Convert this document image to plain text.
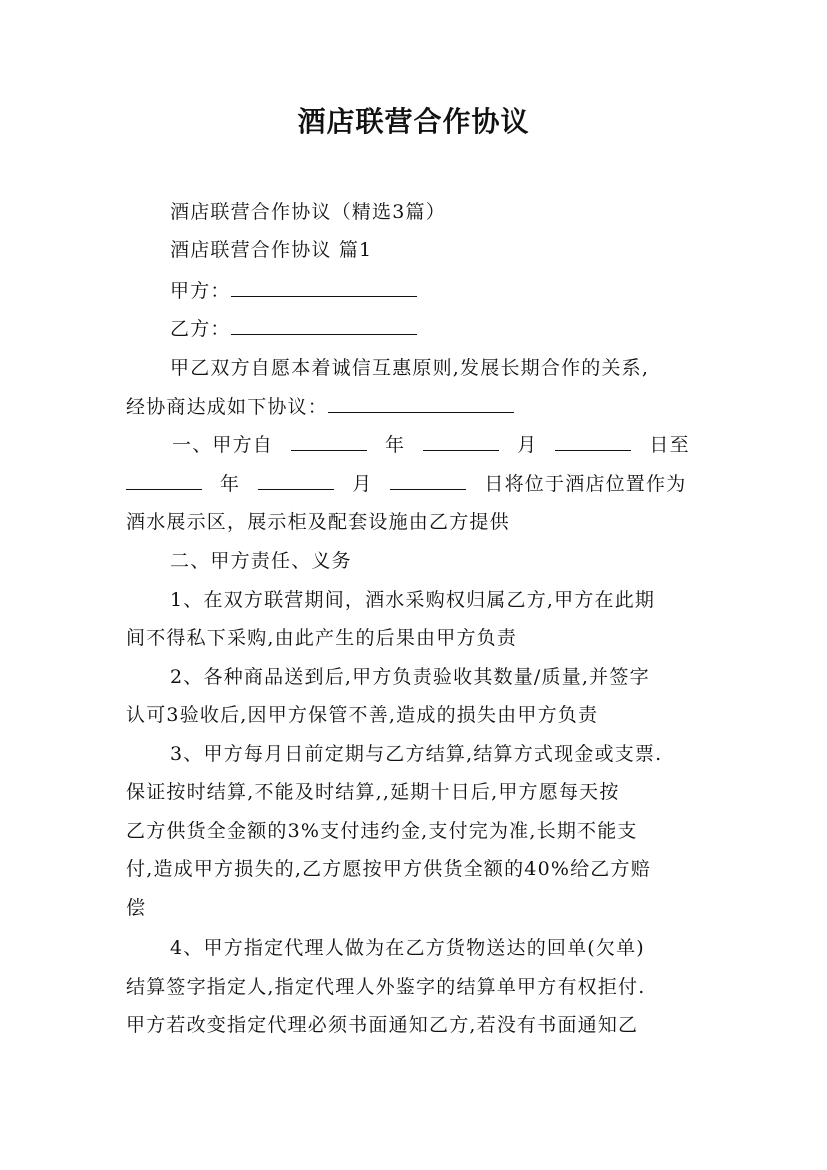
酒店联营合作协议
酒店联营合作协议（精选3篇）
酒店联营合作协议 篇1
甲方：
乙方：
甲乙双方自愿本着诚信互惠原则,发展长期合作的关系,
经协商达成如下协议：
一、甲方自	年	月	日至
年	月	日将位于酒店位置作为
酒水展示区，展示柜及配套设施由乙方提供
二、甲方责任、义务
1、在双方联营期间，酒水采购权归属乙方,甲方在此期
间不得私下采购,由此产生的后果由甲方负责
2、各种商品送到后,甲方负责验收其数量/质量,并签字
认可3验收后,因甲方保管不善,造成的损失由甲方负责
3、甲方每月日前定期与乙方结算,结算方式现金或支票.
保证按时结算,不能及时结算,,延期十日后,甲方愿每天按
乙方供货全金额的3%支付违约金,支付完为准,长期不能支
付,造成甲方损失的,乙方愿按甲方供货全额的40%给乙方赔
偿
4、甲方指定代理人做为在乙方货物送达的回单(欠单)
结算签字指定人,指定代理人外鉴字的结算单甲方有权拒付.
甲方若改变指定代理必须书面通知乙方,若没有书面通知乙
